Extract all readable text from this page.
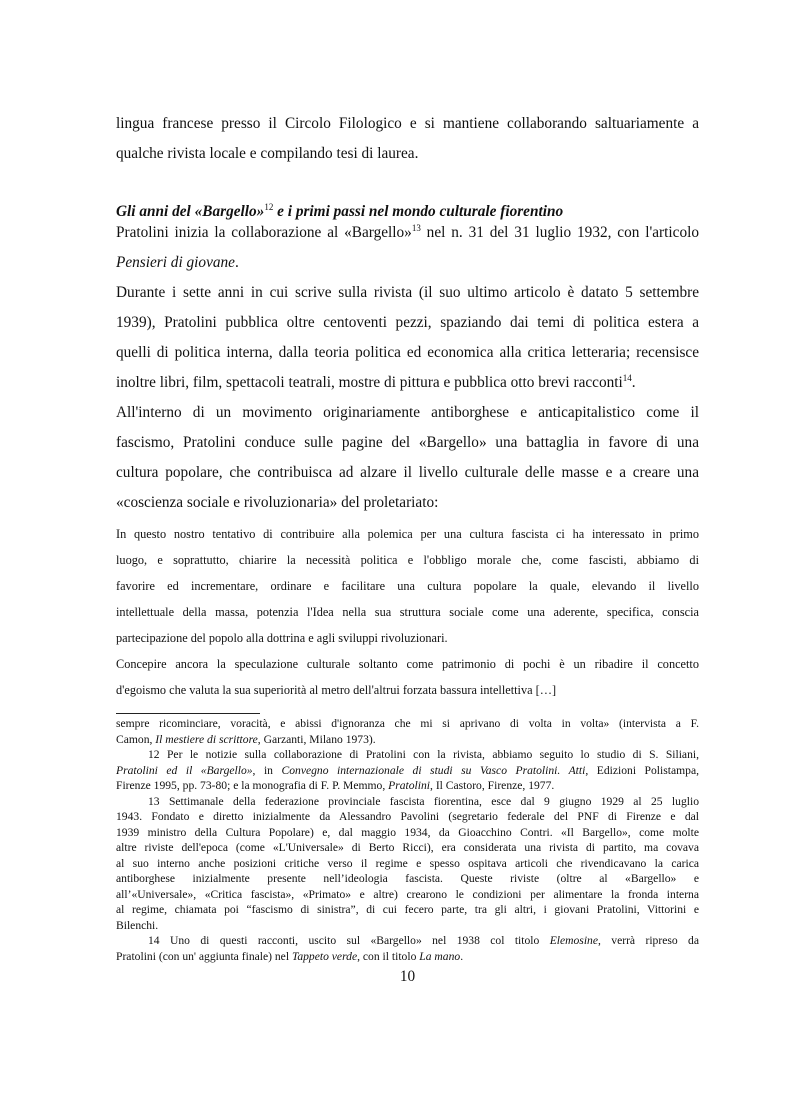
lingua francese presso il Circolo Filologico e si mantiene collaborando saltuariamente a

qualche rivista locale e compilando tesi di laurea.

Gli anni del «Bargello»$^{12}$ e i primi passi nel mondo culturale fiorentino

Pratolini inizia la collaborazione al «Bargello»$^{13}$ nel n. 31 del 31 luglio 1932, con l'articolo

Pensieri di giovane.

Durante i sette anni in cui scrive sulla rivista (il suo ultimo articolo è datato 5 settembre

1939), Pratolini pubblica oltre centoventi pezzi, spaziando dai temi di politica estera a

quelli di politica interna, dalla teoria politica ed economica alla critica letteraria; recensisce

inoltre libri, film, spettacoli teatrali, mostre di pittura e pubblica otto brevi racconti$^{14}$.

All'interno di un movimento originariamente antiborghese e anticapitalistico come il

fascismo, Pratolini conduce sulle pagine del «Bargello» una battaglia in favore di una

cultura popolare, che contribuisca ad alzare il livello culturale delle masse e a creare una

«coscienza sociale e rivoluzionaria» del proletariato:

In questo nostro tentativo di contribuire alla polemica per una cultura fascista ci ha interessato in primo

luogo, e soprattutto, chiarire la necessità politica e l'obbligo morale che, come fascisti, abbiamo di

favorire ed incrementare, ordinare e facilitare una cultura popolare la quale, elevando il livello

intellettuale della massa, potenzia l'Idea nella sua struttura sociale come una aderente, specifica, conscia

partecipazione del popolo alla dottrina e agli sviluppi rivoluzionari.

Concepire ancora la speculazione culturale soltanto come patrimonio di pochi è un ribadire il concetto

d'egoismo che valuta la sua superiorità al metro dell'altrui forzata bassura intellettiva […]

sempre ricominciare, voracità, e abissi d'ignoranza che mi si aprivano di volta in volta» (intervista a F.

Camon, Il mestiere di scrittore, Garzanti, Milano 1973).

12 Per le notizie sulla collaborazione di Pratolini con la rivista, abbiamo seguito lo studio di S. Siliani,

Pratolini ed il «Bargello», in Convegno internazionale di studi su Vasco Pratolini. Atti, Edizioni Polistampa,

Firenze 1995, pp. 73-80; e la monografia di F. P. Memmo, Pratolini, Il Castoro, Firenze, 1977.

13 Settimanale della federazione provinciale fascista fiorentina, esce dal 9 giugno 1929 al 25 luglio

1943. Fondato e diretto inizialmente da Alessandro Pavolini (segretario federale del PNF di Firenze e dal

1939 ministro della Cultura Popolare) e, dal maggio 1934, da Gioacchino Contri. «Il Bargello», come molte

altre riviste dell'epoca (come «L'Universale» di Berto Ricci), era considerata una rivista di partito, ma covava

al suo interno anche posizioni critiche verso il regime e spesso ospitava articoli che rivendicavano la carica

antiborghese inizialmente presente nell’ideologia fascista. Queste riviste (oltre al «Bargello» e

all’«Universale», «Critica fascista», «Primato» e altre) crearono le condizioni per alimentare la fronda interna

al regime, chiamata poi “fascismo di sinistra”, di cui fecero parte, tra gli altri, i giovani Pratolini, Vittorini e

Bilenchi.

14 Uno di questi racconti, uscito sul «Bargello» nel 1938 col titolo Elemosine, verrà ripreso da

Pratolini (con un' aggiunta finale) nel Tappeto verde, con il titolo La mano.

10
